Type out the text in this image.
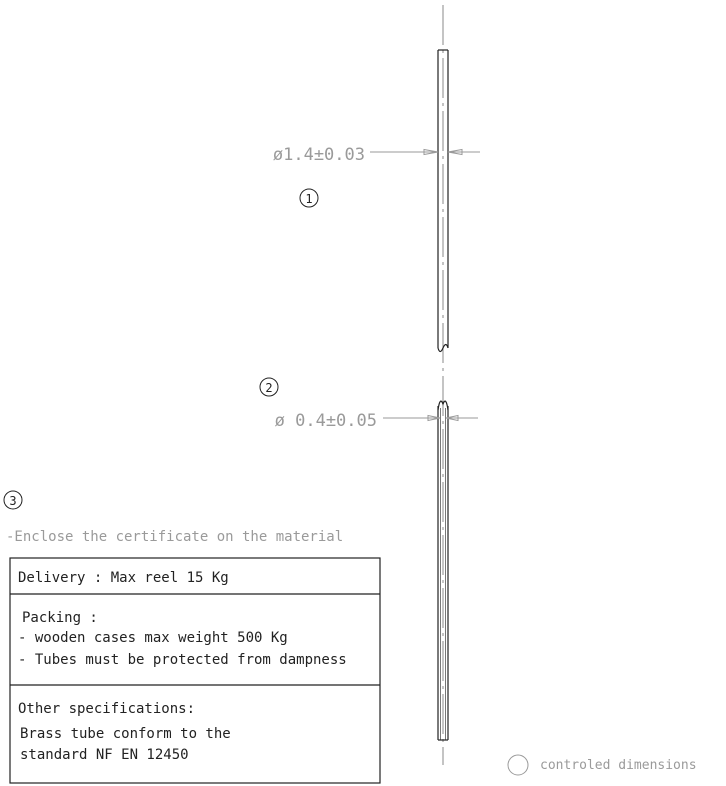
ø1.4±0.03
1
2
ø 0.4±0.05
3
-Enclose the certificate on the material
Delivery : Max reel 15 Kg
Packing :
- wooden cases max weight 500 Kg
- Tubes must be protected from dampness
Other specifications:
Brass tube conform to the
standard NF EN 12450
controled dimensions
